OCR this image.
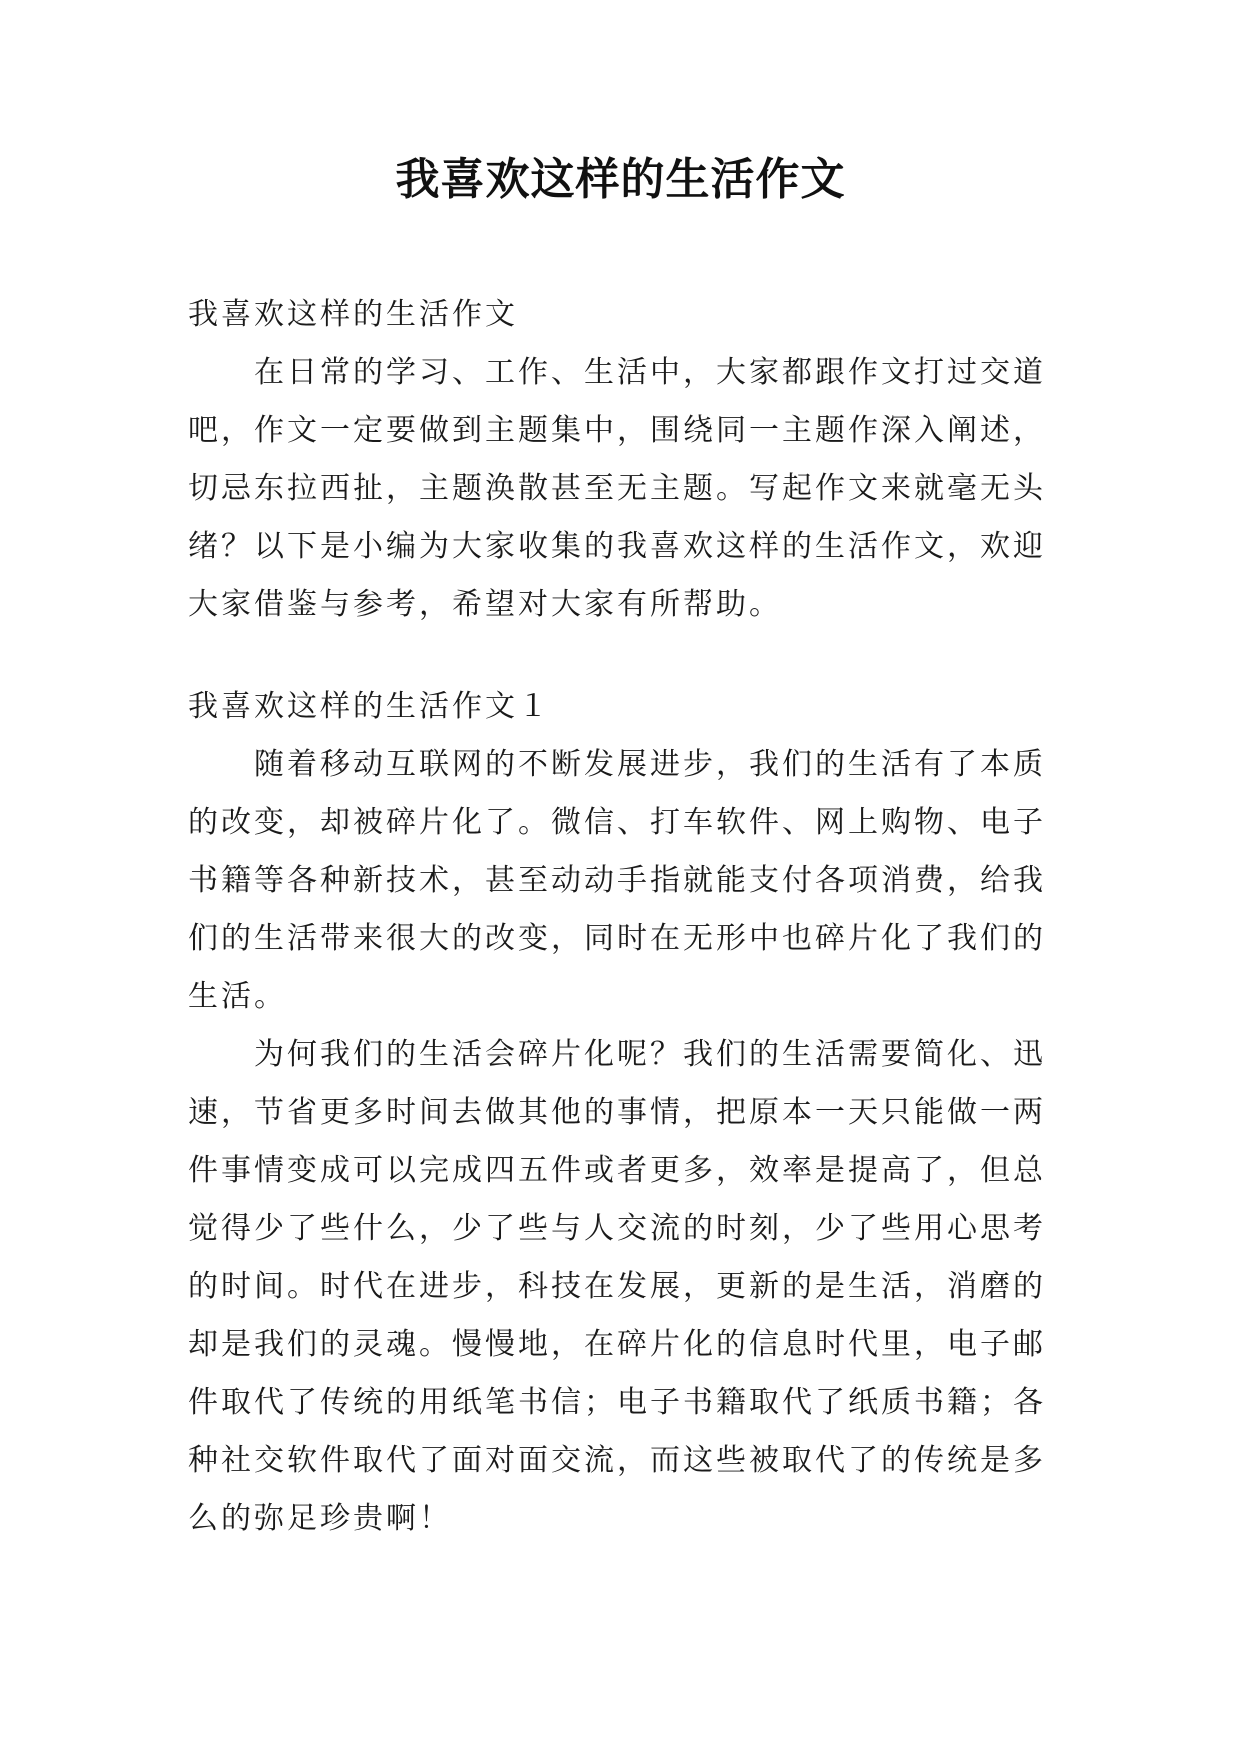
我喜欢这样的生活作文
我喜欢这样的生活作文
　　在日常的学习、工作、生活中，大家都跟作文打过交道
吧，作文一定要做到主题集中，围绕同一主题作深入阐述，
切忌东拉西扯，主题涣散甚至无主题。写起作文来就毫无头
绪？以下是小编为大家收集的我喜欢这样的生活作文，欢迎
大家借鉴与参考，希望对大家有所帮助。
我喜欢这样的生活作文１
　　随着移动互联网的不断发展进步，我们的生活有了本质
的改变，却被碎片化了。微信、打车软件、网上购物、电子
书籍等各种新技术，甚至动动手指就能支付各项消费，给我
们的生活带来很大的改变，同时在无形中也碎片化了我们的
生活。
　　为何我们的生活会碎片化呢？我们的生活需要简化、迅
速，节省更多时间去做其他的事情，把原本一天只能做一两
件事情变成可以完成四五件或者更多，效率是提高了，但总
觉得少了些什么，少了些与人交流的时刻，少了些用心思考
的时间。时代在进步，科技在发展，更新的是生活，消磨的
却是我们的灵魂。慢慢地，在碎片化的信息时代里，电子邮
件取代了传统的用纸笔书信；电子书籍取代了纸质书籍；各
种社交软件取代了面对面交流，而这些被取代了的传统是多
么的弥足珍贵啊！
